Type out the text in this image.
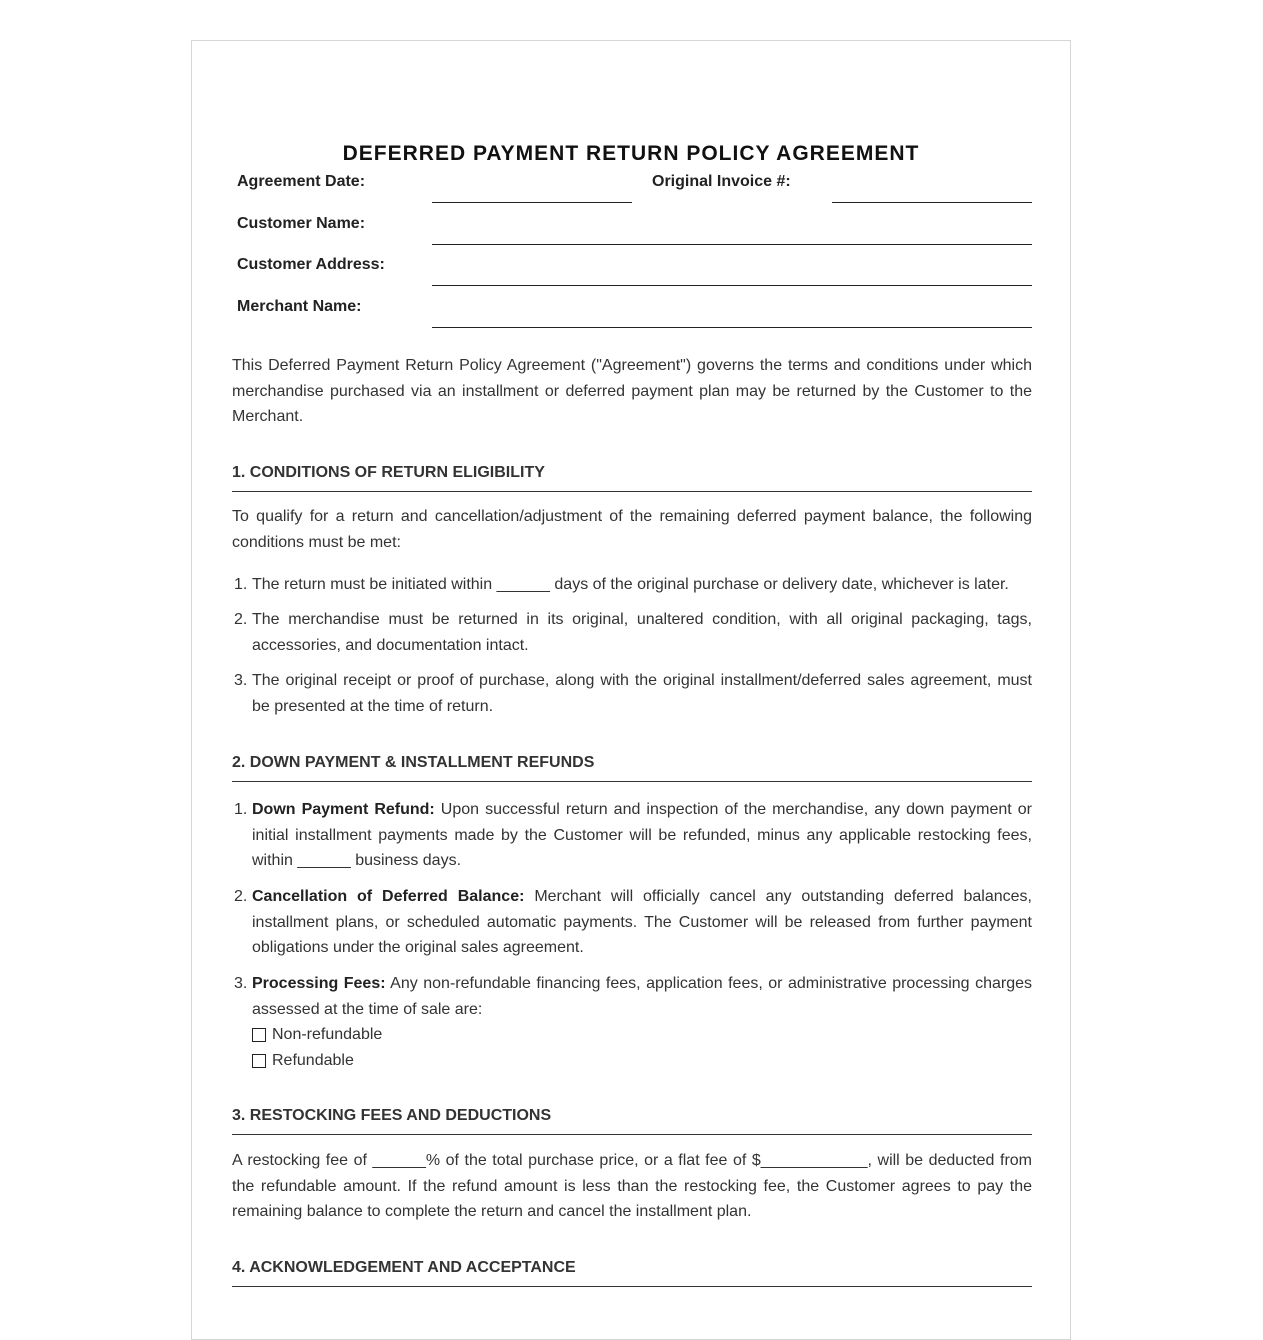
DEFERRED PAYMENT RETURN POLICY AGREEMENT
Agreement Date:	Original Invoice #:
Customer Name:
Customer Address:
Merchant Name:

This Deferred Payment Return Policy Agreement ("Agreement") governs the terms and conditions under which merchandise purchased via an installment or deferred payment plan may be returned by the Customer to the Merchant.

1. CONDITIONS OF RETURN ELIGIBILITY

To qualify for a return and cancellation/adjustment of the remaining deferred payment balance, the following conditions must be met:

1. The return must be initiated within ______ days of the original purchase or delivery date, whichever is later.
2. The merchandise must be returned in its original, unaltered condition, with all original packaging, tags, accessories, and documentation intact.
3. The original receipt or proof of purchase, along with the original installment/deferred sales agreement, must be presented at the time of return.
2. DOWN PAYMENT & INSTALLMENT REFUNDS
1. Down Payment Refund: Upon successful return and inspection of the merchandise, any down payment or initial installment payments made by the Customer will be refunded, minus any applicable restocking fees, within ______ business days.
2. Cancellation of Deferred Balance: Merchant will officially cancel any outstanding deferred balances, installment plans, or scheduled automatic payments. The Customer will be released from further payment obligations under the original sales agreement.
3. Processing Fees: Any non-refundable financing fees, application fees, or administrative processing charges assessed at the time of sale are:
Non-refundable
Refundable
3. RESTOCKING FEES AND DEDUCTIONS

A restocking fee of ______% of the total purchase price, or a flat fee of $____________, will be deducted from the refundable amount. If the refund amount is less than the restocking fee, the Customer agrees to pay the remaining balance to complete the return and cancel the installment plan.

4. ACKNOWLEDGEMENT AND ACCEPTANCE
